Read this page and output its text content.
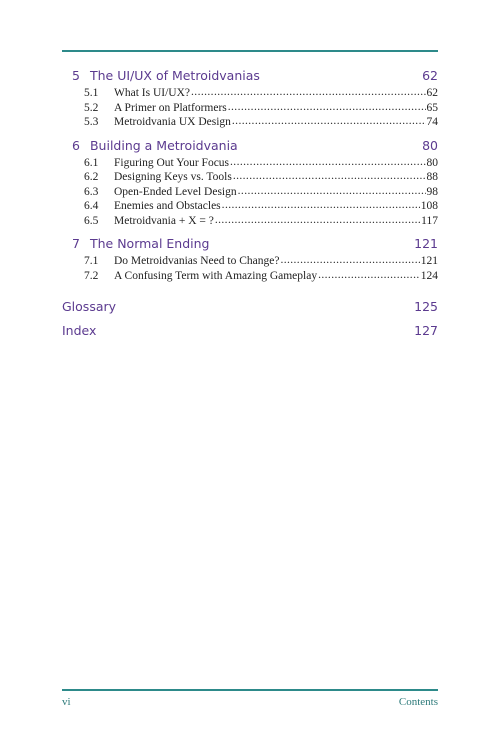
5 The UI/UX of Metroidvanias	62
5.1	What Is UI/UX? .....	62
5.2	A Primer on Platformers .....	65
5.3	Metroidvania UX Design .....	74
6 Building a Metroidvania	80
6.1	Figuring Out Your Focus .....	80
6.2	Designing Keys vs. Tools .....	88
6.3	Open-Ended Level Design .....	98
6.4	Enemies and Obstacles .....	108
6.5	Metroidvania + X = ? .....	117
7 The Normal Ending	121
7.1	Do Metroidvanias Need to Change? .....	121
7.2	A Confusing Term with Amazing Gameplay .....	124
Glossary	125
Index	127
vi	Contents
